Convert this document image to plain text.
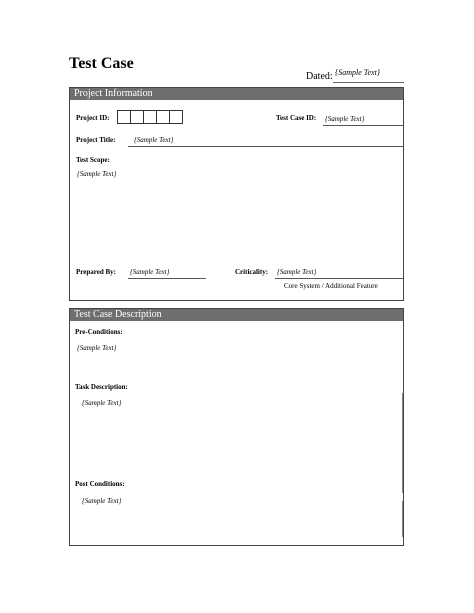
Test Case
Dated: {Sample Text}
Project Information
Project ID:	Test Case ID: {Sample Text}
Project Title:	{Sample Text}
Test Scope:
{Sample Text}
Prepared By: {Sample Text}	Criticality: {Sample Text}
Core System / Additional Feature
Test Case Description
Pre-Conditions:
{Sample Text}
Task Description:
{Sample Text}
Post Conditions:
{Sample Text}
